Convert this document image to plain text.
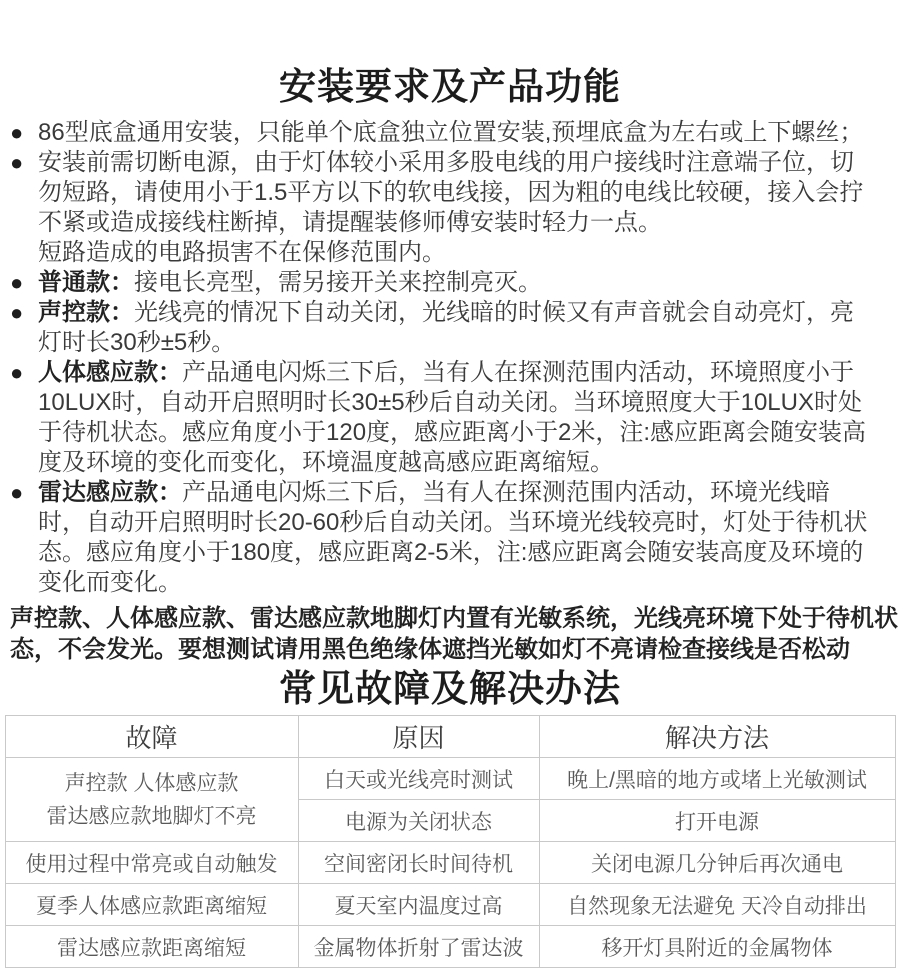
安装要求及产品功能

● 86型底盒通用安装，只能单个底盒独立位置安装,预埋底盒为左右或上下螺丝；

● 安装前需切断电源，由于灯体较小采用多股电线的用户接线时注意端子位，切勿短路，请使用小于1.5平方以下的软电线接，因为粗的电线比较硬，接入会拧不紧或造成接线柱断掉，请提醒装修师傅安装时轻力一点。

短路造成的电路损害不在保修范围内。

● 普通款：接电长亮型，需另接开关来控制亮灭。

● 声控款：光线亮的情况下自动关闭，光线暗的时候又有声音就会自动亮灯，亮灯时长30秒±5秒。

● 人体感应款：产品通电闪烁三下后，当有人在探测范围内活动，环境照度小于10LUX时，自动开启照明时长30±5秒后自动关闭。当环境照度大于10LUX时处于待机状态。感应角度小于120度，感应距离小于2米，注:感应距离会随安装高度及环境的变化而变化，环境温度越高感应距离缩短。

● 雷达感应款：产品通电闪烁三下后，当有人在探测范围内活动，环境光线暗时，自动开启照明时长20-60秒后自动关闭。当环境光线较亮时，灯处于待机状态。感应角度小于180度，感应距离2-5米，注:感应距离会随安装高度及环境的变化而变化。

声控款、人体感应款、雷达感应款地脚灯内置有光敏系统，光线亮环境下处于待机状态，不会发光。要想测试请用黑色绝缘体遮挡光敏如灯不亮请检查接线是否松动

常见故障及解决办法
故障	原因	解决方法

声控款 人体感应款
雷达感应款地脚灯不亮	白天或光线亮时测试	晚上/黑暗的地方或堵上光敏测试
	电源为关闭状态	打开电源
使用过程中常亮或自动触发	空间密闭长时间待机	关闭电源几分钟后再次通电
夏季人体感应款距离缩短	夏天室内温度过高	自然现象无法避免 天冷自动排出
雷达感应款距离缩短	金属物体折射了雷达波	移开灯具附近的金属物体
